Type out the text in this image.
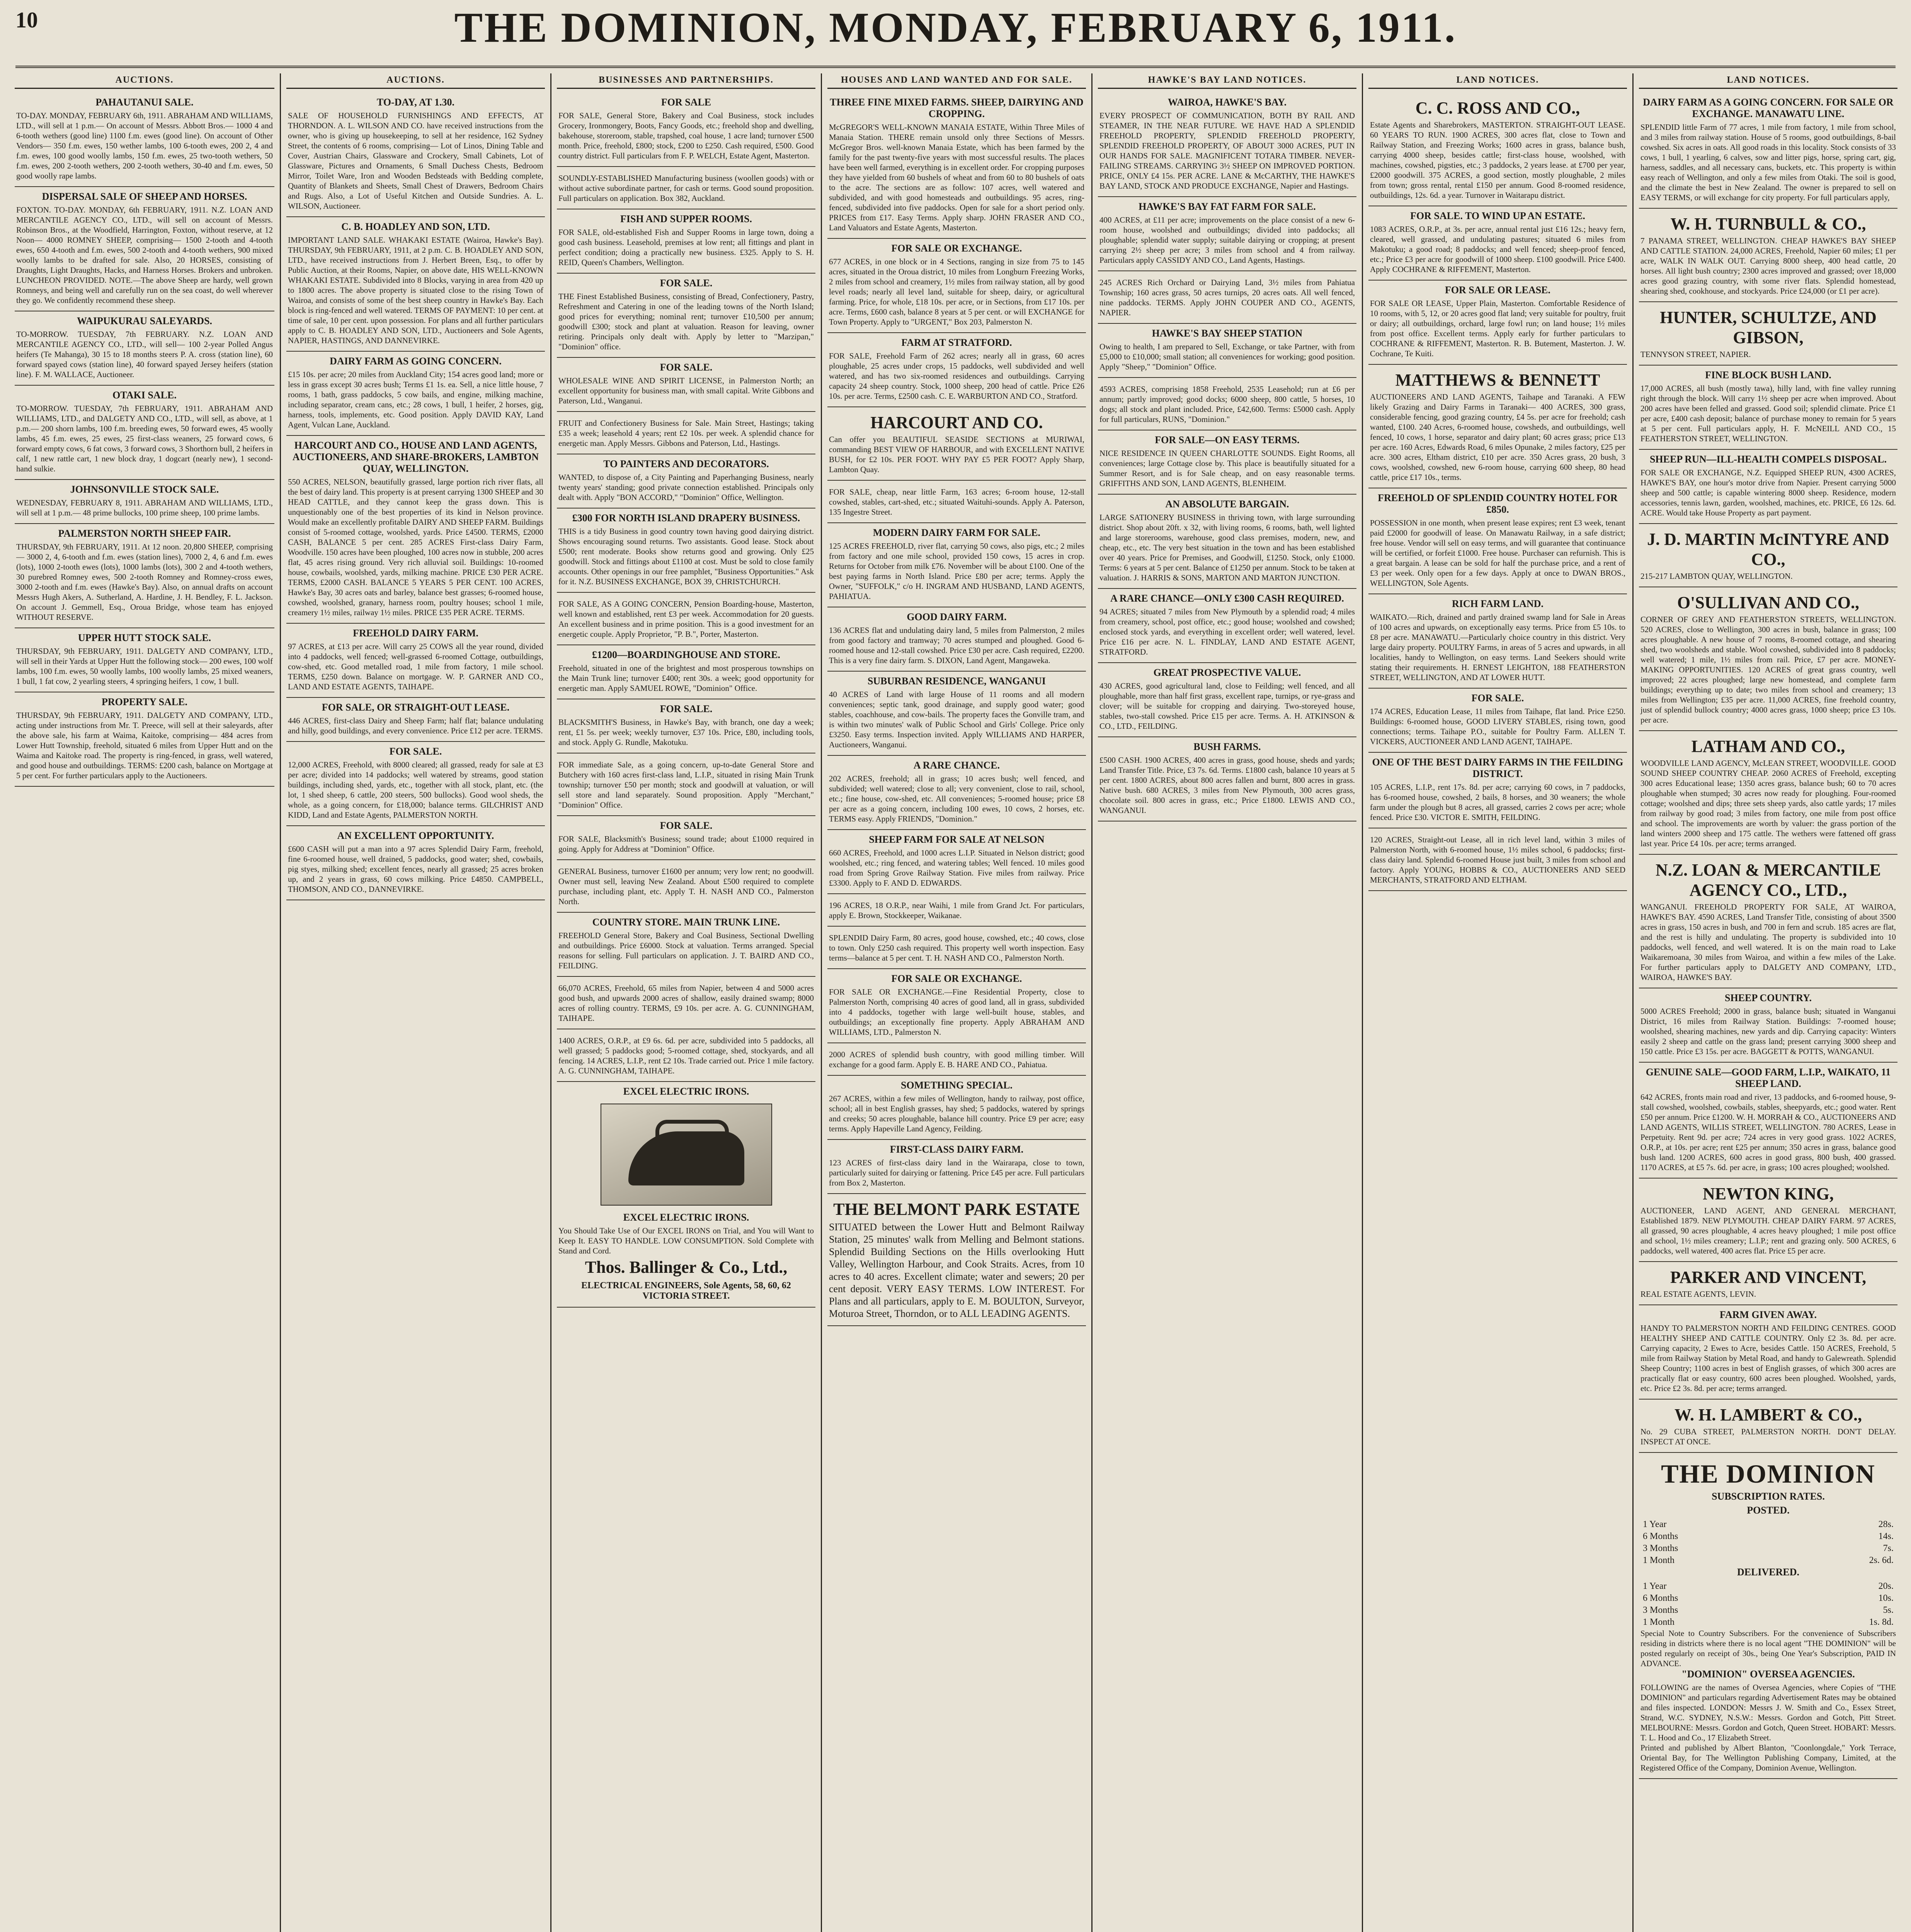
10	THE DOMINION, MONDAY, FEBRUARY 6, 1911.
AUCTIONS.
PAHAUTANUI SALE.
TO-DAY. MONDAY, FEBRUARY 6th, 1911. ABRAHAM AND WILLIAMS, LTD., will sell at 1 p.m.— On account of Messrs. Abbott Bros.— 1000 4 and 6-tooth wethers (good line) 1100 f.m. ewes (good line). On account of Other Vendors— 350 f.m. ewes, 150 wether lambs, 100 6-tooth ewes, 200 2, 4 and f.m. ewes, 100 good woolly lambs, 150 f.m. ewes, 25 two-tooth wethers, 50 f.m. ewes, 200 2-tooth wethers, 200 2-tooth wethers, 30-40 and f.m. ewes, 50 good woolly rape lambs.
DISPERSAL SALE OF SHEEP AND HORSES.
FOXTON. TO-DAY. MONDAY, 6th FEBRUARY, 1911. N.Z. LOAN AND MERCANTILE AGENCY CO., LTD., will sell on account of Messrs. Robinson Bros., at the Woodfield, Harrington, Foxton, without reserve, at 12 Noon— 4000 ROMNEY SHEEP, comprising— 1500 2-tooth and 4-tooth ewes, 650 4-tooth and f.m. ewes, 500 2-tooth and 4-tooth wethers, 900 mixed woolly lambs to be drafted for sale. Also, 20 HORSES, consisting of Draughts, Light Draughts, Hacks, and Harness Horses. Brokers and unbroken. LUNCHEON PROVIDED. NOTE.—The above Sheep are hardy, well grown Romneys, and being well and carefully run on the sea coast, do well wherever they go. We confidently recommend these sheep.
WAIPUKURAU SALEYARDS.
TO-MORROW. TUESDAY, 7th FEBRUARY. N.Z. LOAN AND MERCANTILE AGENCY CO., LTD., will sell— 100 2-year Polled Angus heifers (Te Mahanga), 30 15 to 18 months steers P. A. cross (station line), 60 forward spayed cows (station line), 40 forward spayed Jersey heifers (station line). F. M. WALLACE, Auctioneer.
OTAKI SALE.
TO-MORROW. TUESDAY, 7th FEBRUARY, 1911. ABRAHAM AND WILLIAMS, LTD., and DALGETY AND CO., LTD., will sell, as above, at 1 p.m.— 200 shorn lambs, 100 f.m. breeding ewes, 50 forward ewes, 45 woolly lambs, 45 f.m. ewes, 25 ewes, 25 first-class weaners, 25 forward cows, 6 forward empty cows, 6 fat cows, 3 forward cows, 3 Shorthorn bull, 2 heifers in calf, 1 new rattle cart, 1 new block dray, 1 dogcart (nearly new), 1 second-hand sulkie.
JOHNSONVILLE STOCK SALE.
WEDNESDAY, FEBRUARY 8, 1911. ABRAHAM AND WILLIAMS, LTD., will sell at 1 p.m.— 48 prime bullocks, 100 prime sheep, 100 prime lambs.
PALMERSTON NORTH SHEEP FAIR.
THURSDAY, 9th FEBRUARY, 1911. At 12 noon. 20,800 SHEEP, comprising— 3000 2, 4, 6-tooth and f.m. ewes (station lines), 7000 2, 4, 6 and f.m. ewes (lots), 1000 2-tooth ewes (lots), 1000 lambs (lots), 300 2 and 4-tooth wethers, 30 purebred Romney ewes, 500 2-tooth Romney and Romney-cross ewes, 3000 2-tooth and f.m. ewes (Hawke's Bay). Also, on annual drafts on account Messrs Hugh Akers, A. Sutherland, A. Hardine, J. H. Bendley, F. L. Jackson. On account J. Gemmell, Esq., Oroua Bridge, whose team has enjoyed WITHOUT RESERVE.
UPPER HUTT STOCK SALE.
THURSDAY, 9th FEBRUARY, 1911. DALGETY AND COMPANY, LTD., will sell in their Yards at Upper Hutt the following stock— 200 ewes, 100 wolf lambs, 100 f.m. ewes, 50 woolly lambs, 100 woolly lambs, 25 mixed weaners, 1 bull, 1 fat cow, 2 yearling steers, 4 springing heifers, 1 cow, 1 bull.
PROPERTY SALE.
THURSDAY, 9th FEBRUARY, 1911. DALGETY AND COMPANY, LTD., acting under instructions from Mr. T. Preece, will sell at their saleyards, after the above sale, his farm at Waima, Kaitoke, comprising— 484 acres from Lower Hutt Township, freehold, situated 6 miles from Upper Hutt and on the Waima and Kaitoke road. The property is ring-fenced, in grass, well watered, and good house and outbuildings. TERMS: £200 cash, balance on Mortgage at 5 per cent. For further particulars apply to the Auctioneers.
AUCTIONS.
TO-DAY, AT 1.30.
SALE OF HOUSEHOLD FURNISHINGS AND EFFECTS, AT THORNDON. A. L. WILSON AND CO. have received instructions from the owner, who is giving up housekeeping, to sell at her residence, 162 Sydney Street, the contents of 6 rooms, comprising— Lot of Linos, Dining Table and Cover, Austrian Chairs, Glassware and Crockery, Small Cabinets, Lot of Glassware, Pictures and Ornaments, 6 Small Duchess Chests, Bedroom Mirror, Toilet Ware, Iron and Wooden Bedsteads with Bedding complete, Quantity of Blankets and Sheets, Small Chest of Drawers, Bedroom Chairs and Rugs. Also, a Lot of Useful Kitchen and Outside Sundries. A. L. WILSON, Auctioneer.
C. B. HOADLEY AND SON, LTD.
IMPORTANT LAND SALE. WHAKAKI ESTATE (Wairoa, Hawke's Bay). THURSDAY, 9th FEBRUARY, 1911, at 2 p.m. C. B. HOADLEY AND SON, LTD., have received instructions from J. Herbert Breen, Esq., to offer by Public Auction, at their Rooms, Napier, on above date, HIS WELL-KNOWN WHAKAKI ESTATE. Subdivided into 8 Blocks, varying in area from 420 up to 1800 acres. The above property is situated close to the rising Town of Wairoa, and consists of some of the best sheep country in Hawke's Bay. Each block is ring-fenced and well watered. TERMS OF PAYMENT: 10 per cent. at time of sale, 10 per cent. upon possession. For plans and all further particulars apply to C. B. HOADLEY AND SON, LTD., Auctioneers and Sole Agents, NAPIER, HASTINGS, AND DANNEVIRKE.
DAIRY FARM AS GOING CONCERN.
£15 10s. per acre; 20 miles from Auckland City; 154 acres good land; more or less in grass except 30 acres bush; Terms £1 1s. ea. Sell, a nice little house, 7 rooms, 1 bath, grass paddocks, 5 cow bails, and engine, milking machine, including separator, cream cans, etc.; 28 cows, 1 bull, 1 heifer, 2 horses, gig, harness, tools, implements, etc. Good position. Apply DAVID KAY, Land Agent, Vulcan Lane, Auckland.
HARCOURT AND CO., HOUSE AND LAND AGENTS, AUCTIONEERS, AND SHARE-BROKERS, LAMBTON QUAY, WELLINGTON.
550 ACRES, NELSON, beautifully grassed, large portion rich river flats, all the best of dairy land. This property is at present carrying 1300 SHEEP and 30 HEAD CATTLE, and they cannot keep the grass down. This is unquestionably one of the best properties of its kind in Nelson province. Would make an excellently profitable DAIRY AND SHEEP FARM. Buildings consist of 5-roomed cottage, woolshed, yards. Price £4500. TERMS, £2000 CASH, BALANCE 5 per cent. 285 ACRES First-class Dairy Farm, Woodville. 150 acres have been ploughed, 100 acres now in stubble, 200 acres flat, 45 acres rising ground. Very rich alluvial soil. Buildings: 10-roomed house, cowbails, woolshed, yards, milking machine. PRICE £30 PER ACRE. TERMS, £2000 CASH. BALANCE 5 YEARS 5 PER CENT. 100 ACRES, Hawke's Bay, 30 acres oats and barley, balance best grasses; 6-roomed house, cowshed, woolshed, granary, harness room, poultry houses; school 1 mile, creamery 1½ miles, railway 1½ miles. PRICE £35 PER ACRE. TERMS.
FREEHOLD DAIRY FARM.
97 ACRES, at £13 per acre. Will carry 25 COWS all the year round, divided into 4 paddocks, well fenced; well-grassed 6-roomed Cottage, outbuildings, cow-shed, etc. Good metalled road, 1 mile from factory, 1 mile school. TERMS, £250 down. Balance on mortgage. W. P. GARNER AND CO., LAND AND ESTATE AGENTS, TAIHAPE.
FOR SALE, OR STRAIGHT-OUT LEASE.
446 ACRES, first-class Dairy and Sheep Farm; half flat; balance undulating and hilly, good buildings, and every convenience. Price £12 per acre. TERMS.
FOR SALE.
12,000 ACRES, Freehold, with 8000 cleared; all grassed, ready for sale at £3 per acre; divided into 14 paddocks; well watered by streams, good station buildings, including shed, yards, etc., together with all stock, plant, etc. (the lot, 1 shed sheep, 6 cattle, 200 steers, 500 bullocks). Good wool sheds, the whole, as a going concern, for £18,000; balance terms. GILCHRIST AND KIDD, Land and Estate Agents, PALMERSTON NORTH.
AN EXCELLENT OPPORTUNITY.
£600 CASH will put a man into a 97 acres Splendid Dairy Farm, freehold, fine 6-roomed house, well drained, 5 paddocks, good water; shed, cowbails, pig styes, milking shed; excellent fences, nearly all grassed; 25 acres broken up, and 2 years in grass, 60 cows milking. Price £4850. CAMPBELL, THOMSON, AND CO., DANNEVIRKE.
BUSINESSES AND PARTNERSHIPS.
FOR SALE
FOR SALE, General Store, Bakery and Coal Business, stock includes Grocery, Ironmongery, Boots, Fancy Goods, etc.; freehold shop and dwelling, bakehouse, storeroom, stable, trapshed, coal house, 1 acre land; turnover £500 month. Price, freehold, £800; stock, £200 to £250. Cash required, £500. Good country district. Full particulars from F. P. WELCH, Estate Agent, Masterton.
SOUNDLY-ESTABLISHED Manufacturing business (woollen goods) with or without active subordinate partner, for cash or terms. Good sound proposition. Full particulars on application. Box 382, Auckland.
FISH AND SUPPER ROOMS.
FOR SALE, old-established Fish and Supper Rooms in large town, doing a good cash business. Leasehold, premises at low rent; all fittings and plant in perfect condition; doing a practically new business. £325. Apply to S. H. REID, Queen's Chambers, Wellington.
FOR SALE.
THE Finest Established Business, consisting of Bread, Confectionery, Pastry, Refreshment and Catering in one of the leading towns of the North Island; good prices for everything; nominal rent; turnover £10,500 per annum; goodwill £300; stock and plant at valuation. Reason for leaving, owner retiring. Principals only dealt with. Apply by letter to "Marzipan," "Dominion" office.
FOR SALE.
WHOLESALE WINE AND SPIRIT LICENSE, in Palmerston North; an excellent opportunity for business man, with small capital. Write Gibbons and Paterson, Ltd., Wanganui.
FRUIT and Confectionery Business for Sale. Main Street, Hastings; taking £35 a week; leasehold 4 years; rent £2 10s. per week. A splendid chance for energetic man. Apply Messrs. Gibbons and Paterson, Ltd., Hastings.
TO PAINTERS AND DECORATORS.
WANTED, to dispose of, a City Painting and Paperhanging Business, nearly twenty years' standing; good private connection established. Principals only dealt with. Apply "BON ACCORD," "Dominion" Office, Wellington.
£300 FOR NORTH ISLAND DRAPERY BUSINESS.
THIS is a tidy Business in good country town having good dairying district. Shows encouraging sound returns. Two assistants. Good lease. Stock about £500; rent moderate. Books show returns good and growing. Only £25 goodwill. Stock and fittings about £1100 at cost. Must be sold to close family accounts. Other openings in our free pamphlet, "Business Opportunities." Ask for it. N.Z. BUSINESS EXCHANGE, BOX 39, CHRISTCHURCH.
FOR SALE, AS A GOING CONCERN, Pension Boarding-house, Masterton, well known and established, rent £3 per week. Accommodation for 20 guests. An excellent business and in prime position. This is a good investment for an energetic couple. Apply Proprietor, "P. B.", Porter, Masterton.
£1200—BOARDINGHOUSE AND STORE.
Freehold, situated in one of the brightest and most prosperous townships on the Main Trunk line; turnover £400; rent 30s. a week; good opportunity for energetic man. Apply SAMUEL ROWE, "Dominion" Office.
FOR SALE.
BLACKSMITH'S Business, in Hawke's Bay, with branch, one day a week; rent, £1 5s. per week; weekly turnover, £37 10s. Price, £80, including tools, and stock. Apply G. Rundle, Makotuku.
FOR immediate Sale, as a going concern, up-to-date General Store and Butchery with 160 acres first-class land, L.I.P., situated in rising Main Trunk township; turnover £50 per month; stock and goodwill at valuation, or will sell store and land separately. Sound proposition. Apply "Merchant," "Dominion" Office.
FOR SALE.
FOR SALE, Blacksmith's Business; sound trade; about £1000 required in going. Apply for Address at "Dominion" Office.
GENERAL Business, turnover £1600 per annum; very low rent; no goodwill. Owner must sell, leaving New Zealand. About £500 required to complete purchase, including plant, etc. Apply T. H. NASH AND CO., Palmerston North.
COUNTRY STORE. MAIN TRUNK LINE.
FREEHOLD General Store, Bakery and Coal Business, Sectional Dwelling and outbuildings. Price £6000. Stock at valuation. Terms arranged. Special reasons for selling. Full particulars on application. J. T. BAIRD AND CO., FEILDING.
66,070 ACRES, Freehold, 65 miles from Napier, between 4 and 5000 acres good bush, and upwards 2000 acres of shallow, easily drained swamp; 8000 acres of rolling country. TERMS, £9 10s. per acre. A. G. CUNNINGHAM, TAIHAPE.
1400 ACRES, O.R.P., at £9 6s. 6d. per acre, subdivided into 5 paddocks, all well grassed; 5 paddocks good; 5-roomed cottage, shed, stockyards, and all fencing. 14 ACRES, L.I.P., rent £2 10s. Trade carried out. Price 1 mile factory. A. G. CUNNINGHAM, TAIHAPE.
EXCEL ELECTRIC IRONS.
EXCEL ELECTRIC IRONS.
You Should Take Use of Our EXCEL IRONS on Trial, and You will Want to Keep It. EASY TO HANDLE. LOW CONSUMPTION. Sold Complete with Stand and Cord.
Thos. Ballinger & Co., Ltd.,
ELECTRICAL ENGINEERS, Sole Agents, 58, 60, 62 VICTORIA STREET.
HOUSES AND LAND WANTED AND FOR SALE.
THREE FINE MIXED FARMS. SHEEP, DAIRYING AND CROPPING.
McGREGOR'S WELL-KNOWN MANAIA ESTATE, Within Three Miles of Manaia Station. THERE remain unsold only three Sections of Messrs. McGregor Bros. well-known Manaia Estate, which has been farmed by the family for the past twenty-five years with most successful results. The places have been well farmed, everything is in excellent order. For cropping purposes they have yielded from 60 bushels of wheat and from 60 to 80 bushels of oats to the acre. The sections are as follow: 107 acres, well watered and subdivided, and with good homesteads and outbuildings. 95 acres, ring-fenced, subdivided into five paddocks. Open for sale for a short period only. PRICES from £17. Easy Terms. Apply sharp. JOHN FRASER AND CO., Land Valuators and Estate Agents, Masterton.
FOR SALE OR EXCHANGE.
677 ACRES, in one block or in 4 Sections, ranging in size from 75 to 145 acres, situated in the Oroua district, 10 miles from Longburn Freezing Works, 2 miles from school and creamery, 1½ miles from railway station, all by good level roads; nearly all level land, suitable for sheep, dairy, or agricultural farming. Price, for whole, £18 10s. per acre, or in Sections, from £17 10s. per acre. Terms, £600 cash, balance 8 years at 5 per cent. or will EXCHANGE for Town Property. Apply to "URGENT," Box 203, Palmerston N.
FARM AT STRATFORD.
FOR SALE, Freehold Farm of 262 acres; nearly all in grass, 60 acres ploughable, 25 acres under crops, 15 paddocks, well subdivided and well watered, and has two six-roomed residences and outbuildings. Carrying capacity 24 sheep country. Stock, 1000 sheep, 200 head of cattle. Price £26 10s. per acre. Terms, £2500 cash. C. E. WARBURTON AND CO., Stratford.
HARCOURT AND CO.
Can offer you BEAUTIFUL SEASIDE SECTIONS at MURIWAI, commanding BEST VIEW OF HARBOUR, and with EXCELLENT NATIVE BUSH, for £2 10s. PER FOOT. WHY PAY £5 PER FOOT? Apply Sharp, Lambton Quay.
FOR SALE, cheap, near little Farm, 163 acres; 6-room house, 12-stall cowshed, stables, cart-shed, etc.; situated Waituhi-sounds. Apply A. Paterson, 135 Ingestre Street.
MODERN DAIRY FARM FOR SALE.
125 ACRES FREEHOLD, river flat, carrying 50 cows, also pigs, etc.; 2 miles from factory and one mile school, provided 150 cows, 15 acres in crop. Returns for October from milk £76. November will be about £100. One of the best paying farms in North Island. Price £80 per acre; terms. Apply the Owner, "SUFFOLK," c/o H. INGRAM AND HUSBAND, LAND AGENTS, PAHIATUA.
GOOD DAIRY FARM.
136 ACRES flat and undulating dairy land, 5 miles from Palmerston, 2 miles from good factory and tramway; 70 acres stumped and ploughed. Good 6-roomed house and 12-stall cowshed. Price £30 per acre. Cash required, £2200. This is a very fine dairy farm. S. DIXON, Land Agent, Mangaweka.
SUBURBAN RESIDENCE, WANGANUI
40 ACRES of Land with large House of 11 rooms and all modern conveniences; septic tank, good drainage, and supply good water; good stables, coachhouse, and cow-bails. The property faces the Gonville tram, and is within two minutes' walk of Public School and Girls' College. Price only £3250. Easy terms. Inspection invited. Apply WILLIAMS AND HARPER, Auctioneers, Wanganui.
A RARE CHANCE.
202 ACRES, freehold; all in grass; 10 acres bush; well fenced, and subdivided; well watered; close to all; very convenient, close to rail, school, etc.; fine house, cow-shed, etc. All conveniences; 5-roomed house; price £8 per acre as a going concern, including 100 ewes, 10 cows, 2 horses, etc. TERMS easy. Apply FRIENDS, "Dominion."
SHEEP FARM FOR SALE AT NELSON
660 ACRES, Freehold, and 1000 acres L.I.P. Situated in Nelson district; good woolshed, etc.; ring fenced, and watering tables; Well fenced. 10 miles good road from Spring Grove Railway Station. Five miles from railway. Price £3300. Apply to F. AND D. EDWARDS.
196 ACRES, 18 O.R.P., near Waihi, 1 mile from Grand Jct. For particulars, apply E. Brown, Stockkeeper, Waikanae.
SPLENDID Dairy Farm, 80 acres, good house, cowshed, etc.; 40 cows, close to town. Only £250 cash required. This property well worth inspection. Easy terms—balance at 5 per cent. T. H. NASH AND CO., Palmerston North.
FOR SALE OR EXCHANGE.
FOR SALE OR EXCHANGE.—Fine Residential Property, close to Palmerston North, comprising 40 acres of good land, all in grass, subdivided into 4 paddocks, together with large well-built house, stables, and outbuildings; an exceptionally fine property. Apply ABRAHAM AND WILLIAMS, LTD., Palmerston N.
2000 ACRES of splendid bush country, with good milling timber. Will exchange for a good farm. Apply E. B. HARE AND CO., Pahiatua.
SOMETHING SPECIAL.
267 ACRES, within a few miles of Wellington, handy to railway, post office, school; all in best English grasses, hay shed; 5 paddocks, watered by springs and creeks; 50 acres ploughable, balance hill country. Price £9 per acre; easy terms. Apply Hapeville Land Agency, Feilding.
FIRST-CLASS DAIRY FARM.
123 ACRES of first-class dairy land in the Wairarapa, close to town, particularly suited for dairying or fattening. Price £45 per acre. Full particulars from Box 2, Masterton.
THE BELMONT PARK ESTATE
SITUATED between the Lower Hutt and Belmont Railway Station, 25 minutes' walk from Melling and Belmont stations. Splendid Building Sections on the Hills overlooking Hutt Valley, Wellington Harbour, and Cook Straits. Acres, from 10 acres to 40 acres. Excellent climate; water and sewers; 20 per cent deposit. VERY EASY TERMS. LOW INTEREST. For Plans and all particulars, apply to E. M. BOULTON, Surveyor, Moturoa Street, Thorndon, or to ALL LEADING AGENTS.
HAWKE'S BAY LAND NOTICES.
WAIROA, HAWKE'S BAY.
EVERY PROSPECT OF COMMUNICATION, BOTH BY RAIL AND STEAMER, IN THE NEAR FUTURE. WE HAVE HAD A SPLENDID FREEHOLD PROPERTY, SPLENDID FREEHOLD PROPERTY, SPLENDID FREEHOLD PROPERTY, OF ABOUT 3000 ACRES, PUT IN OUR HANDS FOR SALE. MAGNIFICENT TOTARA TIMBER. NEVER-FAILING STREAMS. CARRYING 3½ SHEEP ON IMPROVED PORTION. PRICE, ONLY £4 15s. PER ACRE. LANE & McCARTHY, THE HAWKE'S BAY LAND, STOCK AND PRODUCE EXCHANGE, Napier and Hastings.
HAWKE'S BAY FAT FARM FOR SALE.
400 ACRES, at £11 per acre; improvements on the place consist of a new 6-room house, woolshed and outbuildings; divided into paddocks; all ploughable; splendid water supply; suitable dairying or cropping; at present carrying 2½ sheep per acre; 3 miles from school and 4 from railway. Particulars apply CASSIDY AND CO., Land Agents, Hastings.
245 ACRES Rich Orchard or Dairying Land, 3½ miles from Pahiatua Township; 160 acres grass, 50 acres turnips, 20 acres oats. All well fenced, nine paddocks. TERMS. Apply JOHN COUPER AND CO., AGENTS, NAPIER.
HAWKE'S BAY SHEEP STATION
Owing to health, I am prepared to Sell, Exchange, or take Partner, with from £5,000 to £10,000; small station; all conveniences for working; good position. Apply "Sheep," "Dominion" Office.
4593 ACRES, comprising 1858 Freehold, 2535 Leasehold; run at £6 per annum; partly improved; good docks; 6000 sheep, 800 cattle, 5 horses, 10 dogs; all stock and plant included. Price, £42,600. Terms: £5000 cash. Apply for full particulars, RUNS, "Dominion."
FOR SALE—ON EASY TERMS.
NICE RESIDENCE IN QUEEN CHARLOTTE SOUNDS. Eight Rooms, all conveniences; large Cottage close by. This place is beautifully situated for a Summer Resort, and is for Sale cheap, and on easy reasonable terms. GRIFFITHS AND SON, LAND AGENTS, BLENHEIM.
AN ABSOLUTE BARGAIN.
LARGE SATIONERY BUSINESS in thriving town, with large surrounding district. Shop about 20ft. x 32, with living rooms, 6 rooms, bath, well lighted and large storerooms, warehouse, good class premises, modern, new, and cheap, etc., etc. The very best situation in the town and has been established over 40 years. Price for Premises, and Goodwill, £1250. Stock, only £1000. Terms: 6 years at 5 per cent. Balance of £1250 per annum. Stock to be taken at valuation. J. HARRIS & SONS, MARTON AND MARTON JUNCTION.
A RARE CHANCE—ONLY £300 CASH REQUIRED.
94 ACRES; situated 7 miles from New Plymouth by a splendid road; 4 miles from creamery, school, post office, etc.; good house; woolshed and cowshed; enclosed stock yards, and everything in excellent order; well watered, level. Price £16 per acre. N. L. FINDLAY, LAND AND ESTATE AGENT, STRATFORD.
GREAT PROSPECTIVE VALUE.
430 ACRES, good agricultural land, close to Feilding; well fenced, and all ploughable, more than half first grass, excellent rape, turnips, or rye-grass and clover; will be suitable for cropping and dairying. Two-storeyed house, stables, two-stall cowshed. Price £15 per acre. Terms. A. H. ATKINSON & CO., LTD., FEILDING.
BUSH FARMS.
£500 CASH. 1900 ACRES, 400 acres in grass, good house, sheds and yards; Land Transfer Title. Price, £3 7s. 6d. Terms. £1800 cash, balance 10 years at 5 per cent. 1800 ACRES, about 800 acres fallen and burnt, 800 acres in grass. Native bush. 680 ACRES, 3 miles from New Plymouth, 300 acres grass, chocolate soil. 800 acres in grass, etc.; Price £1800. LEWIS AND CO., WANGANUI.
LAND NOTICES.
C. C. ROSS AND CO.,
Estate Agents and Sharebrokers, MASTERTON. STRAIGHT-OUT LEASE. 60 YEARS TO RUN. 1900 ACRES, 300 acres flat, close to Town and Railway Station, and Freezing Works; 1600 acres in grass, balance bush, carrying 4000 sheep, besides cattle; first-class house, woolshed, with machines, cowshed, pigsties, etc.; 3 paddocks, 2 years lease. at £700 per year, £2000 goodwill. 375 ACRES, a good section, mostly ploughable, 2 miles from town; gross rental, rental £150 per annum. Good 8-roomed residence, outbuildings, 12s. 6d. a year. Turnover in Waitarapu district.
FOR SALE. TO WIND UP AN ESTATE.
1083 ACRES, O.R.P., at 3s. per acre, annual rental just £16 12s.; heavy fern, cleared, well grassed, and undulating pastures; situated 6 miles from Makotuku; a good road; 8 paddocks; and well fenced; sheep-proof fenced, etc.; Price £3 per acre for goodwill of 1000 sheep. £100 goodwill. Price £400. Apply COCHRANE & RIFFEMENT, Masterton.
FOR SALE OR LEASE.
FOR SALE OR LEASE, Upper Plain, Masterton. Comfortable Residence of 10 rooms, with 5, 12, or 20 acres good flat land; very suitable for poultry, fruit or dairy; all outbuildings, orchard, large fowl run; on land house; 1½ miles from post office. Excellent terms. Apply early for further particulars to COCHRANE & RIFFEMENT, Masterton. R. B. Butement, Masterton. J. W. Cochrane, Te Kuiti.
MATTHEWS & BENNETT
AUCTIONEERS AND LAND AGENTS, Taihape and Taranaki. A FEW likely Grazing and Dairy Farms in Taranaki— 400 ACRES, 300 grass, considerable fencing, good grazing country, £4 5s. per acre for freehold; cash wanted, £100. 240 Acres, 6-roomed house, cowsheds, and outbuildings, well fenced, 10 cows, 1 horse, separator and dairy plant; 60 acres grass; price £13 per acre. 160 Acres, Edwards Road, 6 miles Opunake, 2 miles factory, £25 per acre. 300 acres, Eltham district, £10 per acre. 350 Acres grass, 20 bush, 3 cows, woolshed, cowshed, new 6-room house, carrying 600 sheep, 80 head cattle, price £17 10s., terms.
FREEHOLD OF SPLENDID COUNTRY HOTEL FOR £850.
POSSESSION in one month, when present lease expires; rent £3 week, tenant paid £2000 for goodwill of lease. On Manawatu Railway, in a safe district; free house. Vendor will sell on easy terms, and will guarantee that continuance will be certified, or forfeit £1000. Free house. Purchaser can refurnish. This is a great bargain. A lease can be sold for half the purchase price, and a rent of £3 per week. Only open for a few days. Apply at once to DWAN BROS., WELLINGTON, Sole Agents.
RICH FARM LAND.
WAIKATO.—Rich, drained and partly drained swamp land for Sale in Areas of 100 acres and upwards, on exceptionally easy terms. Price from £5 10s. to £8 per acre. MANAWATU.—Particularly choice country in this district. Very large dairy property. POULTRY Farms, in areas of 5 acres and upwards, in all localities, handy to Wellington, on easy terms. Land Seekers should write stating their requirements. H. ERNEST LEIGHTON, 188 FEATHERSTON STREET, WELLINGTON, AND AT LOWER HUTT.
FOR SALE.
174 ACRES, Education Lease, 11 miles from Taihape, flat land. Price £250. Buildings: 6-roomed house, GOOD LIVERY STABLES, rising town, good connections; terms. Taihape P.O., suitable for Poultry Farm. ALLEN T. VICKERS, AUCTIONEER AND LAND AGENT, TAIHAPE.
ONE OF THE BEST DAIRY FARMS IN THE FEILDING DISTRICT.
105 ACRES, L.I.P., rent 17s. 8d. per acre; carrying 60 cows, in 7 paddocks, has 6-roomed house, cowshed, 2 bails, 8 horses, and 30 weaners; the whole farm under the plough but 8 acres, all grassed, carries 2 cows per acre; whole fenced. Price £30. VICTOR E. SMITH, FEILDING.
120 ACRES, Straight-out Lease, all in rich level land, within 3 miles of Palmerston North, with 6-roomed house, 1½ miles school, 6 paddocks; first-class dairy land. Splendid 6-roomed House just built, 3 miles from school and factory. Apply YOUNG, HOBBS & CO., AUCTIONEERS AND SEED MERCHANTS, STRATFORD AND ELTHAM.
LAND NOTICES.
DAIRY FARM AS A GOING CONCERN. FOR SALE OR EXCHANGE. MANAWATU LINE.
SPLENDID little Farm of 77 acres, 1 mile from factory, 1 mile from school, and 3 miles from railway station. House of 5 rooms, good outbuildings, 8-bail cowshed. Six acres in oats. All good roads in this locality. Stock consists of 33 cows, 1 bull, 1 yearling, 6 calves, sow and litter pigs, horse, spring cart, gig, harness, saddles, and all necessary cans, buckets, etc. This property is within easy reach of Wellington, and only a few miles from Otaki. The soil is good, and the climate the best in New Zealand. The owner is prepared to sell on EASY TERMS, or will exchange for city property. For full particulars apply,
W. H. TURNBULL & CO.,
7 PANAMA STREET, WELLINGTON. CHEAP HAWKE'S BAY SHEEP AND CATTLE STATION. 24,000 ACRES, Freehold, Napier 60 miles; £1 per acre, WALK IN WALK OUT. Carrying 8000 sheep, 400 head cattle, 20 horses. All light bush country; 2300 acres improved and grassed; over 18,000 acres good grazing country, with some river flats. Splendid homestead, shearing shed, cookhouse, and stockyards. Price £24,000 (or £1 per acre).
HUNTER, SCHULTZE, AND GIBSON,
TENNYSON STREET, NAPIER.
FINE BLOCK BUSH LAND.
17,000 ACRES, all bush (mostly tawa), hilly land, with fine valley running right through the block. Will carry 1½ sheep per acre when improved. About 200 acres have been felled and grassed. Good soil; splendid climate. Price £1 per acre, £400 cash deposit; balance of purchase money to remain for 5 years at 5 per cent. Full particulars apply, H. F. McNEILL AND CO., 15 FEATHERSTON STREET, WELLINGTON.
SHEEP RUN—ILL-HEALTH COMPELS DISPOSAL.
FOR SALE OR EXCHANGE, N.Z. Equipped SHEEP RUN, 4300 ACRES, HAWKE'S BAY, one hour's motor drive from Napier. Present carrying 5000 sheep and 500 cattle; is capable wintering 8000 sheep. Residence, modern accessories, tennis lawn, garden, woolshed, machines, etc. PRICE, £6 12s. 6d. ACRE. Would take House Property as part payment.
J. D. MARTIN McINTYRE AND CO.,
215-217 LAMBTON QUAY, WELLINGTON.
O'SULLIVAN AND CO.,
CORNER OF GREY AND FEATHERSTON STREETS, WELLINGTON. 520 ACRES, close to Wellington, 300 acres in bush, balance in grass; 100 acres ploughable. A new house of 7 rooms, 8-roomed cottage, and shearing shed, two woolsheds and stable. Wool cowshed, subdivided into 8 paddocks; well watered; 1 mile, 1½ miles from rail. Price, £7 per acre. MONEY-MAKING OPPORTUNITIES. 120 ACRES of great grass country, well improved; 22 acres ploughed; large new homestead, and complete farm buildings; everything up to date; two miles from school and creamery; 13 miles from Wellington; £35 per acre. 11,000 ACRES, fine freehold country, just of splendid bullock country; 4000 acres grass, 1000 sheep; price £3 10s. per acre.
LATHAM AND CO.,
WOODVILLE LAND AGENCY, McLEAN STREET, WOODVILLE. GOOD SOUND SHEEP COUNTRY CHEAP. 2060 ACRES of Freehold, excepting 300 acres Educational lease; 1350 acres grass, balance bush; 60 to 70 acres ploughable when stumped; 30 acres now ready for ploughing. Four-roomed cottage; woolshed and dips; three sets sheep yards, also cattle yards; 17 miles from railway by good road; 3 miles from factory, one mile from post office and school. The improvements are worth by valuer: the grass portion of the land winters 2000 sheep and 175 cattle. The wethers were fattened off grass last year. Price £4 10s. per acre; terms arranged.
N.Z. LOAN & MERCANTILE AGENCY CO., LTD.,
WANGANUI. FREEHOLD PROPERTY FOR SALE, AT WAIROA, HAWKE'S BAY. 4590 ACRES, Land Transfer Title, consisting of about 3500 acres in grass, 150 acres in bush, and 700 in fern and scrub. 185 acres are flat, and the rest is hilly and undulating. The property is subdivided into 10 paddocks, well fenced, and well watered. It is on the main road to Lake Waikaremoana, 30 miles from Wairoa, and within a few miles of the Lake. For further particulars apply to DALGETY AND COMPANY, LTD., WAIROA, HAWKE'S BAY.
SHEEP COUNTRY.
5000 ACRES Freehold; 2000 in grass, balance bush; situated in Wanganui District, 16 miles from Railway Station. Buildings: 7-roomed house; woolshed, shearing machines, new yards and dip. Carrying capacity: Winters easily 2 sheep and cattle on the grass land; present carrying 3000 sheep and 150 cattle. Price £3 15s. per acre. BAGGETT & POTTS, WANGANUI.
GENUINE SALE—GOOD FARM, L.I.P., WAIKATO, 11 SHEEP LAND.
642 ACRES, fronts main road and river, 13 paddocks, and 6-roomed house, 9-stall cowshed, woolshed, cowbails, stables, sheepyards, etc.; good water. Rent £50 per annum. Price £1200. W. H. MORRAH & CO., AUCTIONEERS AND LAND AGENTS, WILLIS STREET, WELLINGTON. 780 ACRES, Lease in Perpetuity. Rent 9d. per acre; 724 acres in very good grass. 1022 ACRES, O.R.P., at 10s. per acre; rent £25 per annum; 350 acres in grass, balance good bush land. 1200 ACRES, 600 acres in good grass, 800 bush, 400 grassed. 1170 ACRES, at £5 7s. 6d. per acre, in grass; 100 acres ploughed; woolshed.
NEWTON KING,
AUCTIONEER, LAND AGENT, AND GENERAL MERCHANT, Established 1879. NEW PLYMOUTH. CHEAP DAIRY FARM. 97 ACRES, all grassed, 90 acres ploughable, 4 acres heavy ploughed; 1 mile post office and school, 1½ miles creamery; L.I.P.; rent and grazing only. 500 ACRES, 6 paddocks, well watered, 400 acres flat. Price £5 per acre.
PARKER AND VINCENT,
REAL ESTATE AGENTS, LEVIN.
FARM GIVEN AWAY.
HANDY TO PALMERSTON NORTH AND FEILDING CENTRES. GOOD HEALTHY SHEEP AND CATTLE COUNTRY. Only £2 3s. 8d. per acre. Carrying capacity, 2 Ewes to Acre, besides Cattle. 150 ACRES, Freehold, 5 mile from Railway Station by Metal Road, and handy to Galewreath. Splendid Sheep Country; 1100 acres in best of English grasses, of which 300 acres are practically flat or easy country, 600 acres been ploughed. Woolshed, yards, etc. Price £2 3s. 8d. per acre; terms arranged.
W. H. LAMBERT & CO.,
No. 29 CUBA STREET, PALMERSTON NORTH. DON'T DELAY. INSPECT AT ONCE.
THE DOMINION
SUBSCRIPTION RATES.
POSTED.
1 Year	28s.
6 Months	14s.
3 Months	7s.
1 Month	2s. 6d.
DELIVERED.
1 Year	20s.
6 Months	10s.
3 Months	5s.
1 Month	1s. 8d.
Special Note to Country Subscribers. For the convenience of Subscribers residing in districts where there is no local agent "THE DOMINION" will be posted regularly on receipt of 30s., being One Year's Subscription, PAID IN ADVANCE.
"DOMINION" OVERSEA AGENCIES.
FOLLOWING are the names of Oversea Agencies, where Copies of "THE DOMINION" and particulars regarding Advertisement Rates may be obtained and files inspected. LONDON: Messrs J. W. Smith and Co., Essex Street, Strand, W.C. SYDNEY, N.S.W.: Messrs. Gordon and Gotch, Pitt Street. MELBOURNE: Messrs. Gordon and Gotch, Queen Street. HOBART: Messrs. T. L. Hood and Co., 17 Elizabeth Street.
Printed and published by Albert Blanton, "Coonlongdale," York Terrace, Oriental Bay, for The Wellington Publishing Company, Limited, at the Registered Office of the Company, Dominion Avenue, Wellington.
